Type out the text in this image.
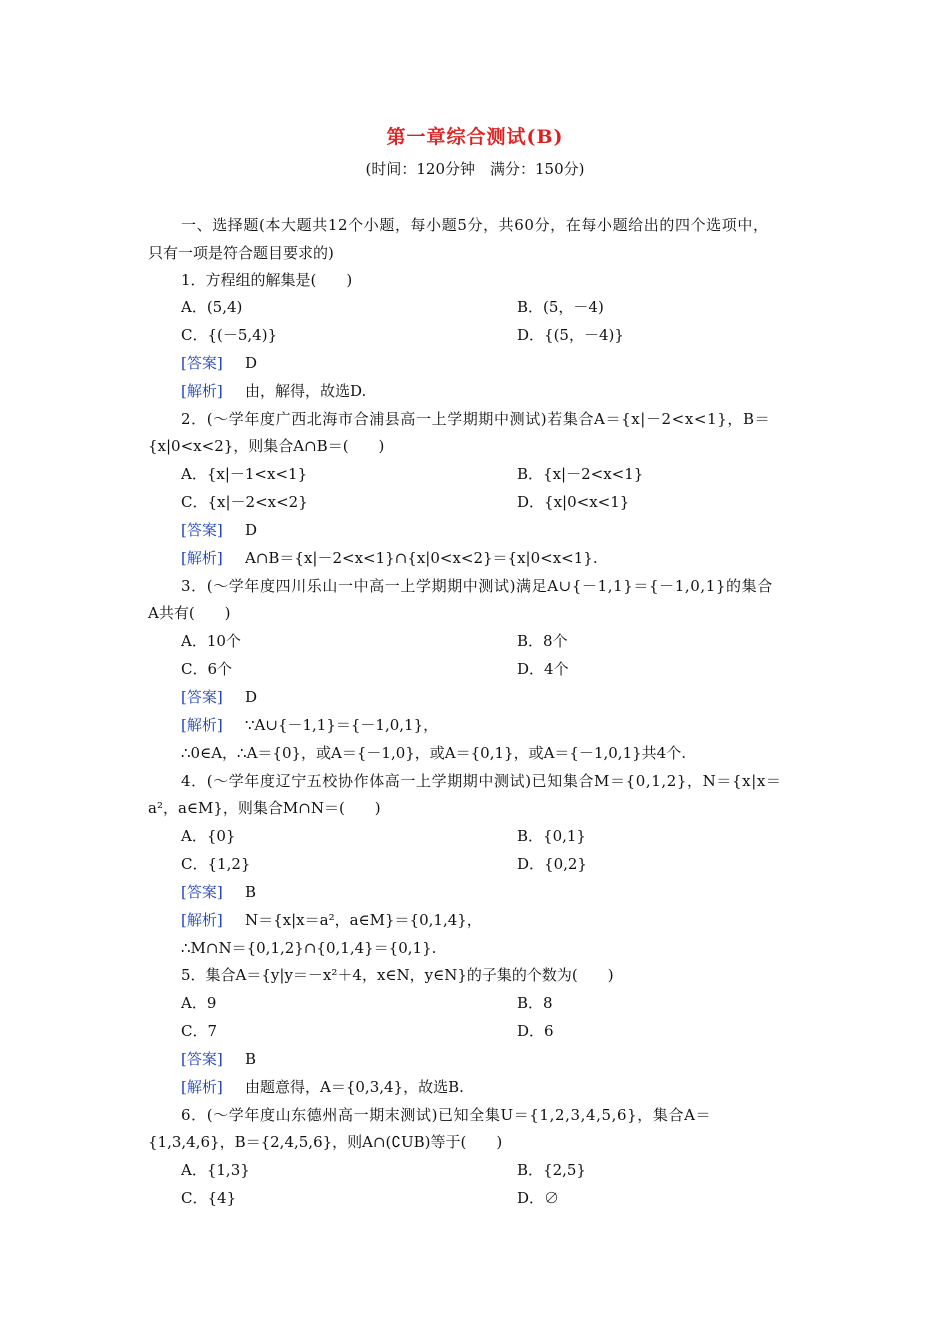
第一章综合测试(B)
(时间：120分钟　满分：150分)
一、选择题(本大题共12个小题，每小题5分，共60分，在每小题给出的四个选项中，
只有一项是符合题目要求的)
1．方程组的解集是(　　)
A．(5,4)	B．(5，－4)
C．{(－5,4)}	D．{(5，－4)}
[答案] D
[解析] 由，解得，故选D.
2．(～学年度广西北海市合浦县高一上学期期中测试)若集合A＝{x|－2<x<1}，B＝
{x|0<x<2}，则集合A∩B＝(　　)
A．{x|－1<x<1}	B．{x|－2<x<1}
C．{x|－2<x<2}	D．{x|0<x<1}
[答案] D
[解析] A∩B＝{x|－2<x<1}∩{x|0<x<2}＝{x|0<x<1}.
3．(～学年度四川乐山一中高一上学期期中测试)满足A∪{－1,1}＝{－1,0,1}的集合
A共有(　　)
A．10个	B．8个
C．6个	D．4个
[答案] D
[解析] ∵A∪{－1,1}＝{－1,0,1}，
∴0∈A，∴A＝{0}，或A＝{－1,0}，或A＝{0,1}，或A＝{－1,0,1}共4个.
4．(～学年度辽宁五校协作体高一上学期期中测试)已知集合M＝{0,1,2}，N＝{x|x＝
a²，a∈M}，则集合M∩N＝(　　)
A．{0}	B．{0,1}
C．{1,2}	D．{0,2}
[答案] B
[解析] N＝{x|x＝a²，a∈M}＝{0,1,4}，
∴M∩N＝{0,1,2}∩{0,1,4}＝{0,1}.
5．集合A＝{y|y＝－x²＋4，x∈N，y∈N}的子集的个数为(　　)
A．9	B．8
C．7	D．6
[答案] B
[解析] 由题意得，A＝{0,3,4}，故选B.
6．(～学年度山东德州高一期末测试)已知全集U＝{1,2,3,4,5,6}，集合A＝
{1,3,4,6}，B＝{2,4,5,6}，则A∩(∁UB)等于(　　)
A．{1,3}	B．{2,5}
C．{4}	D．∅
